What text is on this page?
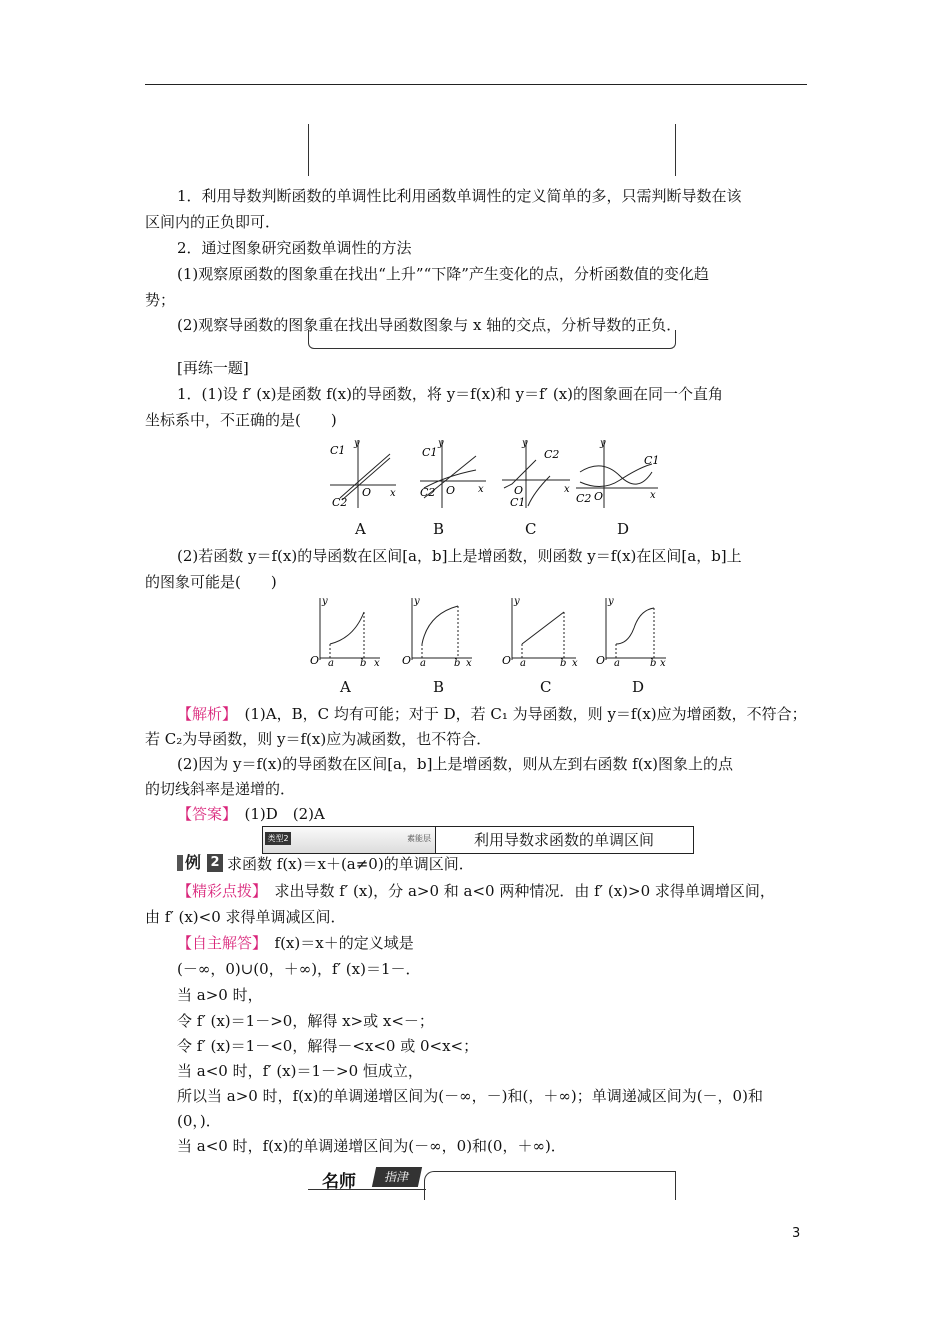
1．利用导数判断函数的单调性比利用函数单调性的定义简单的多，只需判断导数在该
区间内的正负即可．
2．通过图象研究函数单调性的方法
(1)观察原函数的图象重在找出“上升”“下降”产生变化的点，分析函数值的变化趋
势；
(2)观察导函数的图象重在找出导函数图象与 x 轴的交点，分析导数的正负．
[再练一题]
1．(1)设 f′ (x)是函数 f(x)的导函数，将 y＝f(x)和 y＝f′ (x)的图象画在同一个直角
坐标系中，不正确的是(　　)
C1
C2
O x
y
C1
C2 O x
y
C2
C1
O	x
y
C1
C2 O	x
y
A	B	C	D
(2)若函数 y＝f(x)的导函数在区间[a，b]上是增函数，则函数 y＝f(x)在区间[a，b]上
的图象可能是(　　)
O a	b x
y
O a	b x
y
O a	b x
y
O a	b x
y
A	B	C	D
【解析】　(1)A，B，C 均有可能；对于 D，若 C₁ 为导函数，则 y＝f(x)应为增函数，不符合；
若 C₂为导函数，则 y＝f(x)应为减函数，也不符合．
(2)因为 y＝f(x)的导函数在区间[a，b]上是增函数，则从左到右函数 f(x)图象上的点
的切线斜率是递增的．
【答案】　(1)D　(2)A
类型2	素能层	利用导数求函数的单调区间
例 2 求函数 f(x)＝x＋(a≠0)的单调区间．
【精彩点拨】　求出导数 f′ (x)，分 a>0 和 a<0 两种情况．由 f′ (x)>0 求得单调增区间，
由 f′ (x)<0 求得单调减区间．
【自主解答】　f(x)＝x＋的定义域是
(－∞，0)∪(0，＋∞)，f′ (x)＝1－．
当 a>0 时，
令 f′ (x)＝1－>0，解得 x>或 x<－；
令 f′ (x)＝1－<0，解得－<x<0 或 0<x<；
当 a<0 时，f′ (x)＝1－>0 恒成立，
所以当 a>0 时，f(x)的单调递增区间为(－∞，－)和(，＋∞)；单调递减区间为(－，0)和
(0，)．
当 a<0 时，f(x)的单调递增区间为(－∞，0)和(0，＋∞)．
名师	指津
3
